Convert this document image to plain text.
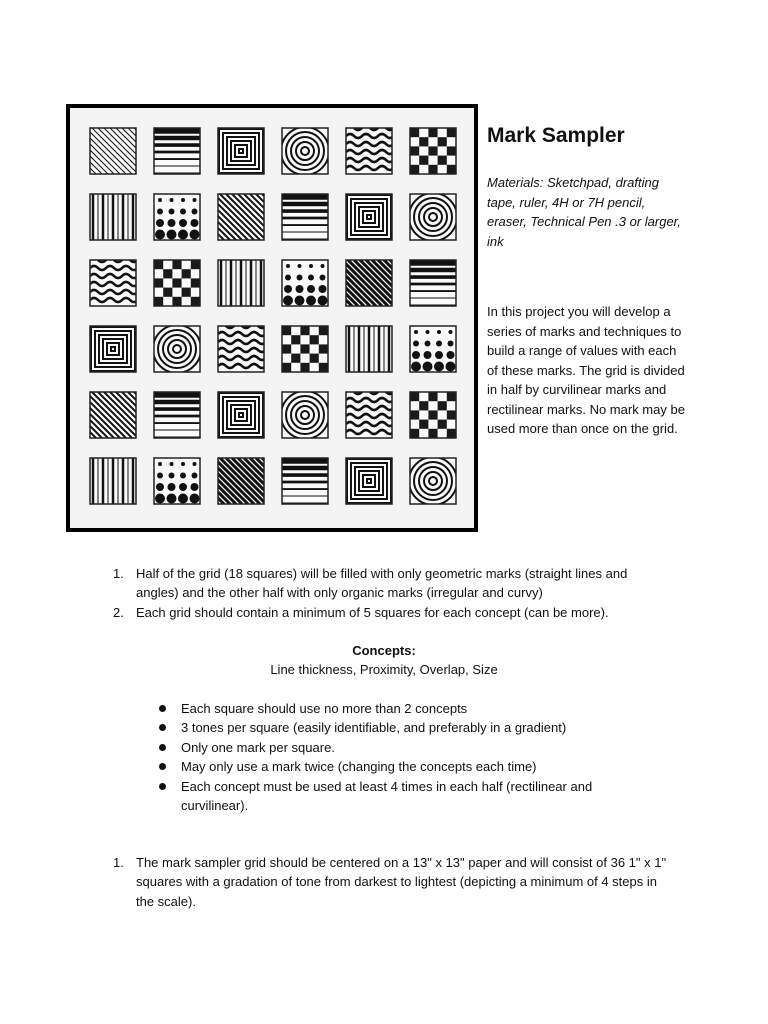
Mark Sampler

Materials: Sketchpad, drafting tape, ruler, 4H or 7H pencil, eraser, Technical Pen .3 or larger, ink

In this project you will develop a series of marks and techniques to build a range of values with each of these marks. The grid is divided in half by curvilinear marks and rectilinear marks. No mark may be used more than once on the grid.

1. Half of the grid (18 squares) will be filled with only geometric marks (straight lines and angles) and the other half with only organic marks (irregular and curvy)
2. Each grid should contain a minimum of 5 squares for each concept (can be more).
Concepts:
Line thickness, Proximity, Overlap, Size
Each square should use no more than 2 concepts
3 tones per square (easily identifiable, and preferably in a gradient)
Only one mark per square.
May only use a mark twice (changing the concepts each time)
Each concept must be used at least 4 times in each half (rectilinear and curvilinear).
1. The mark sampler grid should be centered on a 13" x 13" paper and will consist of 36 1" x 1" squares with a gradation of tone from darkest to lightest (depicting a minimum of 4 steps in the scale).
